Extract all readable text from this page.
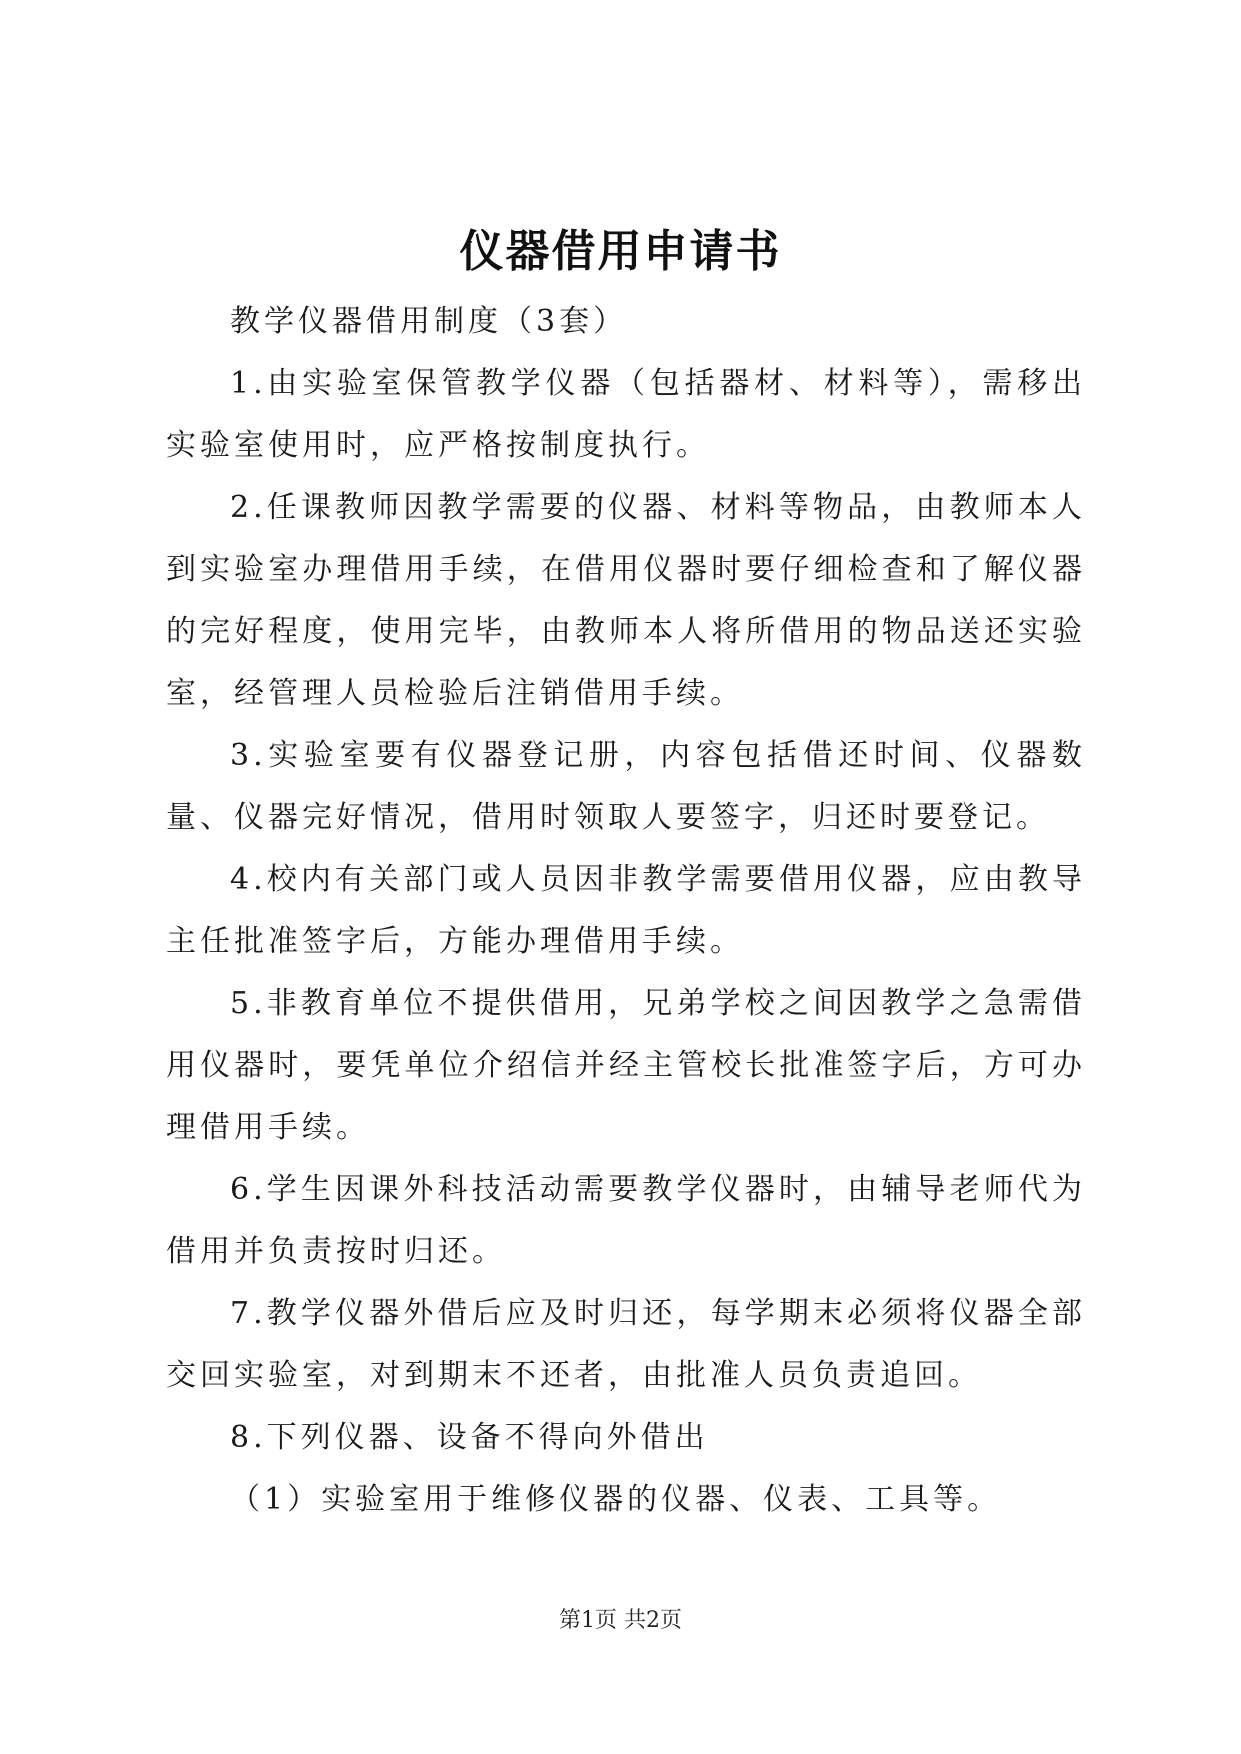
仪器借用申请书

教学仪器借用制度（3套）

1.由实验室保管教学仪器（包括器材、材料等），需移出实验室使用时，应严格按制度执行。

2.任课教师因教学需要的仪器、材料等物品，由教师本人到实验室办理借用手续，在借用仪器时要仔细检查和了解仪器的完好程度，使用完毕，由教师本人将所借用的物品送还实验室，经管理人员检验后注销借用手续。

3.实验室要有仪器登记册，内容包括借还时间、仪器数量、仪器完好情况，借用时领取人要签字，归还时要登记。

4.校内有关部门或人员因非教学需要借用仪器，应由教导主任批准签字后，方能办理借用手续。

5.非教育单位不提供借用，兄弟学校之间因教学之急需借用仪器时，要凭单位介绍信并经主管校长批准签字后，方可办理借用手续。

6.学生因课外科技活动需要教学仪器时，由辅导老师代为借用并负责按时归还。

7.教学仪器外借后应及时归还，每学期末必须将仪器全部交回实验室，对到期末不还者，由批准人员负责追回。

8.下列仪器、设备不得向外借出

（1）实验室用于维修仪器的仪器、仪表、工具等。

第1页 共2页
